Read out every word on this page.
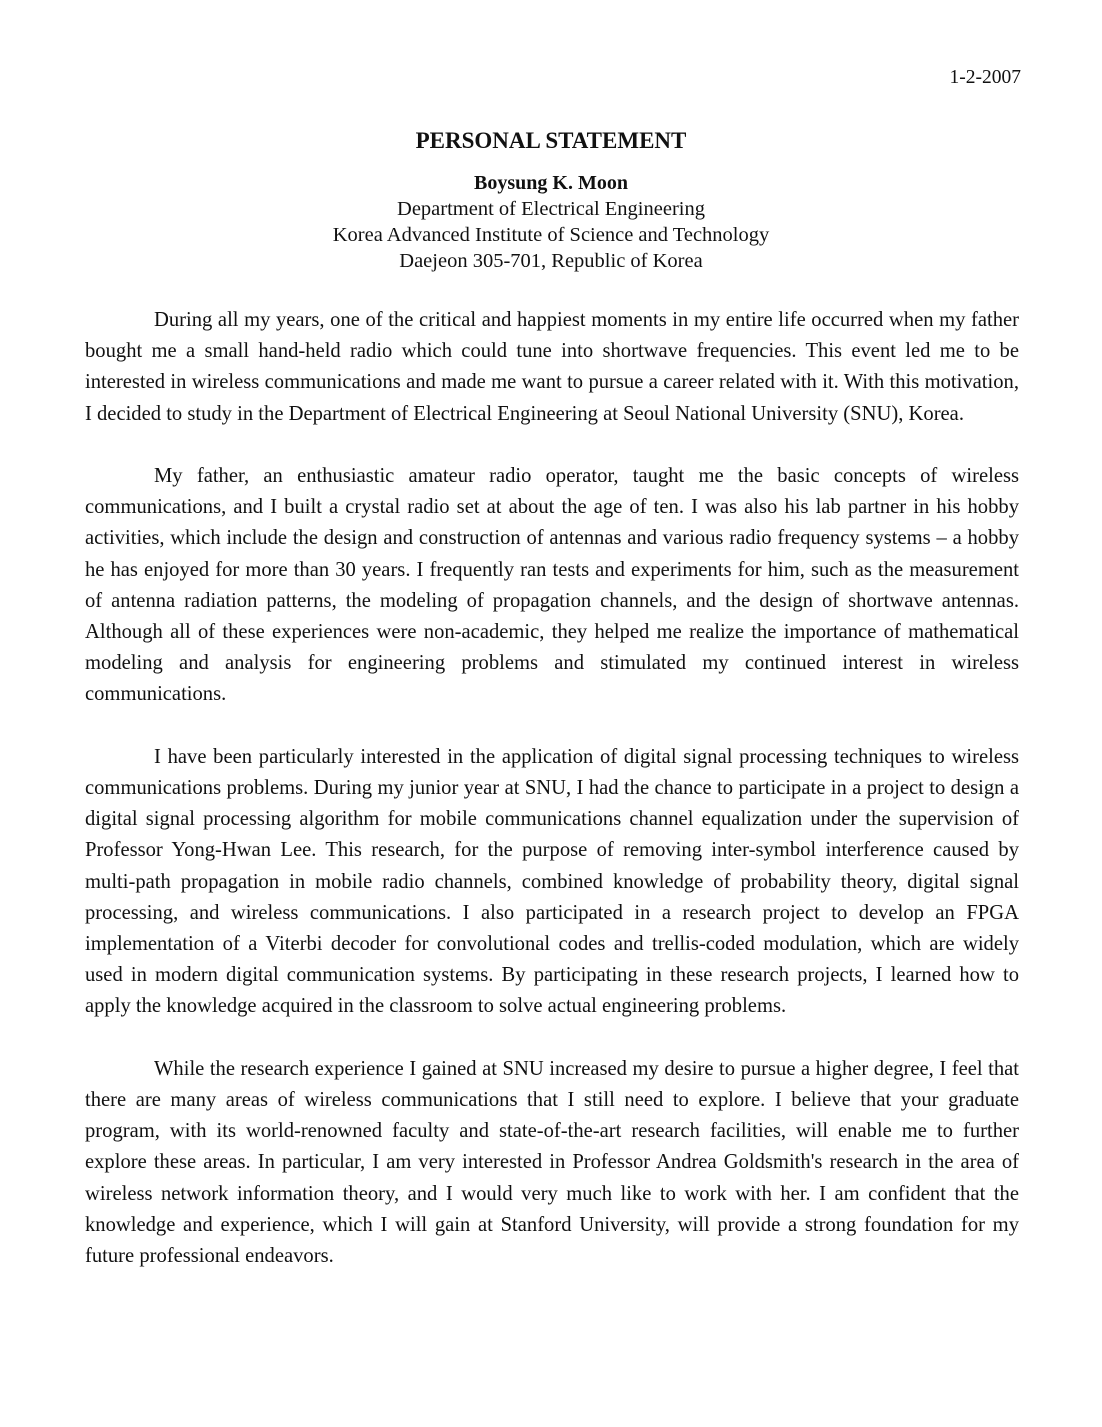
1-2-2007
PERSONAL STATEMENT
Boysung K. Moon
Department of Electrical Engineering
Korea Advanced Institute of Science and Technology
Daejeon 305-701, Republic of Korea

During all my years, one of the critical and happiest moments in my entire life occurred when my father bought me a small hand-held radio which could tune into shortwave frequencies. This event led me to be interested in wireless communications and made me want to pursue a career related with it. With this motivation, I decided to study in the Department of Electrical Engineering at Seoul National University (SNU), Korea.

My father, an enthusiastic amateur radio operator, taught me the basic concepts of wireless communications, and I built a crystal radio set at about the age of ten. I was also his lab partner in his hobby activities, which include the design and construction of antennas and various radio frequency systems – a hobby he has enjoyed for more than 30 years. I frequently ran tests and experiments for him, such as the measurement of antenna radiation patterns, the modeling of propagation channels, and the design of shortwave antennas. Although all of these experiences were non-academic, they helped me realize the importance of mathematical modeling and analysis for engineering problems and stimulated my continued interest in wireless communications.

I have been particularly interested in the application of digital signal processing techniques to wireless communications problems. During my junior year at SNU, I had the chance to participate in a project to design a digital signal processing algorithm for mobile communications channel equalization under the supervision of Professor Yong-Hwan Lee. This research, for the purpose of removing inter-symbol interference caused by multi-path propagation in mobile radio channels, combined knowledge of probability theory, digital signal processing, and wireless communications. I also participated in a research project to develop an FPGA implementation of a Viterbi decoder for convolutional codes and trellis-coded modulation, which are widely used in modern digital communication systems. By participating in these research projects, I learned how to apply the knowledge acquired in the classroom to solve actual engineering problems.

While the research experience I gained at SNU increased my desire to pursue a higher degree, I feel that there are many areas of wireless communications that I still need to explore. I believe that your graduate program, with its world-renowned faculty and state-of-the-art research facilities, will enable me to further explore these areas. In particular, I am very interested in Professor Andrea Goldsmith's research in the area of wireless network information theory, and I would very much like to work with her. I am confident that the knowledge and experience, which I will gain at Stanford University, will provide a strong foundation for my future professional endeavors.
